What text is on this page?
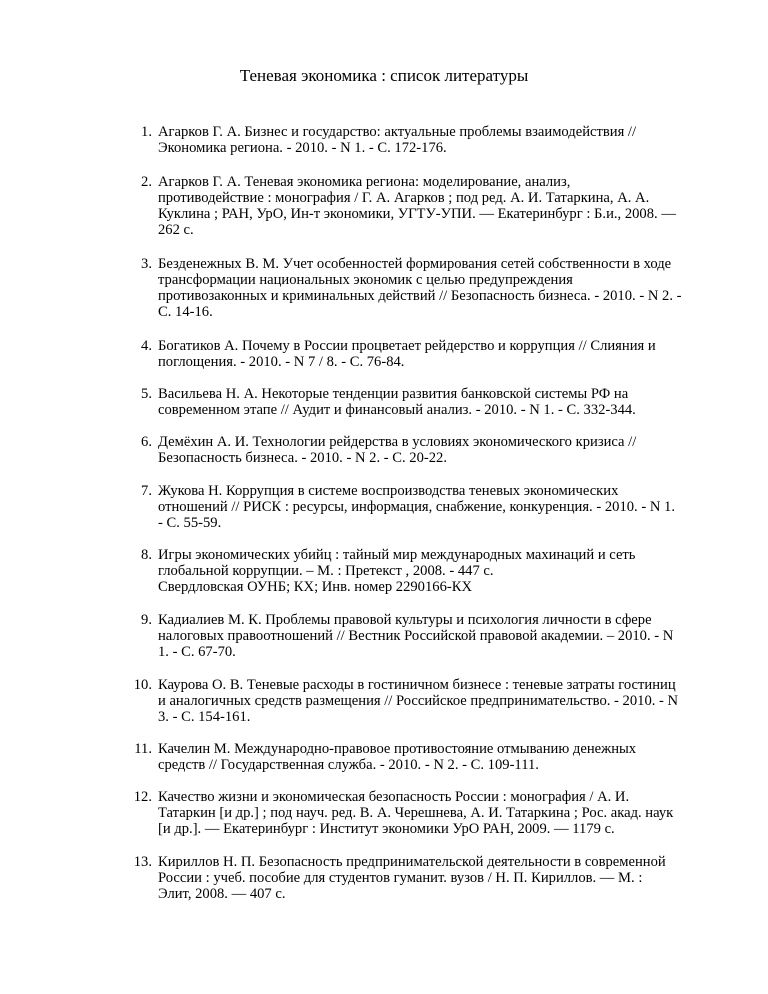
Теневая экономика : список литературы
1. Агарков Г. А. Бизнес и государство: актуальные проблемы взаимодействия //
Экономика региона. - 2010. - N 1. - С. 172-176.
2. Агарков Г. А. Теневая экономика региона: моделирование, анализ,
противодействие : монография / Г. А. Агарков ; под ред. А. И. Татаркина, А. А.
Куклина ; РАН, УрО, Ин-т экономики, УГТУ-УПИ. — Екатеринбург : Б.и., 2008. —
262 с.
3. Безденежных В. М. Учет особенностей формирования сетей собственности в ходе
трансформации национальных экономик с целью предупреждения
противозаконных и криминальных действий // Безопасность бизнеса. - 2010. - N 2. -
С. 14-16.
4. Богатиков А. Почему в России процветает рейдерство и коррупция // Слияния и
поглощения. - 2010. - N 7 / 8. - С. 76-84.
5. Васильева Н. А. Некоторые тенденции развития банковской системы РФ на
современном этапе // Аудит и финансовый анализ. - 2010. - N 1. - С. 332-344.
6. Демёхин А. И. Технологии рейдерства в условиях экономического кризиса //
Безопасность бизнеса. - 2010. - N 2. - С. 20-22.
7. Жукова Н. Коррупция в системе воспроизводства теневых экономических
отношений // РИСК : ресурсы, информация, снабжение, конкуренция. - 2010. - N 1.
- С. 55-59.
8. Игры экономических убийц : тайный мир международных махинаций и сеть
глобальной коррупции. – М. : Претекст , 2008. - 447 с.
Свердловская ОУНБ; КХ; Инв. номер 2290166-КХ
9. Кадиалиев М. К. Проблемы правовой культуры и психология личности в сфере
налоговых правоотношений // Вестник Российской правовой академии. – 2010. - N
1. - С. 67-70.
10. Каурова О. В. Теневые расходы в гостиничном бизнесе : теневые затраты гостиниц
и аналогичных средств размещения // Российское предпринимательство. - 2010. - N
3. - С. 154-161.
11. Качелин М. Международно-правовое противостояние отмыванию денежных
средств // Государственная служба. - 2010. - N 2. - С. 109-111.
12. Качество жизни и экономическая безопасность России : монография / А. И.
Татаркин [и др.] ; под науч. ред. В. А. Черешнева, А. И. Татаркина ; Рос. акад. наук
[и др.]. — Екатеринбург : Институт экономики УрО РАН, 2009. — 1179 с.
13. Кириллов Н. П. Безопасность предпринимательской деятельности в современной
России : учеб. пособие для студентов гуманит. вузов / Н. П. Кириллов. — М. :
Элит, 2008. — 407 с.
